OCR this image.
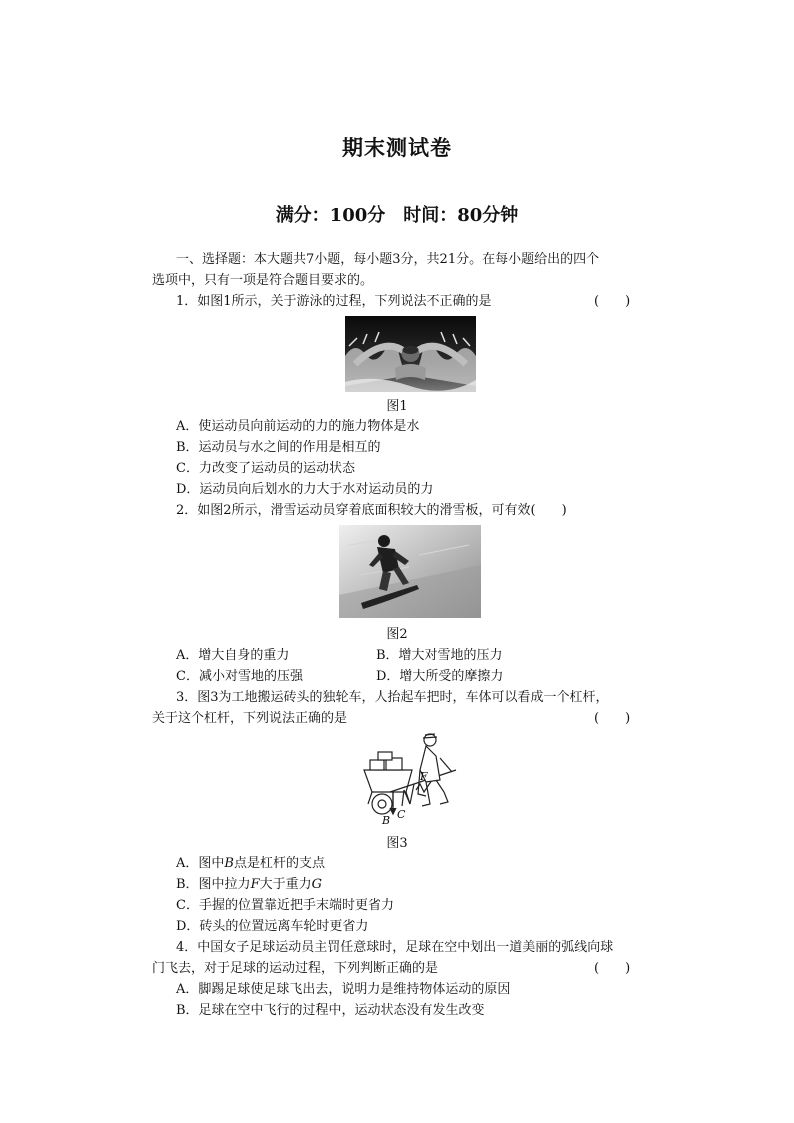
期末测试卷
满分：100分　时间：80分钟
一、选择题：本大题共7小题，每小题3分，共21分。在每小题给出的四个
选项中，只有一项是符合题目要求的。
1．如图1所示，关于游泳的过程，下列说法不正确的是	(　　)
图1
A．使运动员向前运动的力的施力物体是水
B．运动员与水之间的作用是相互的
C．力改变了运动员的运动状态
D．运动员向后划水的力大于水对运动员的力
2．如图2所示，滑雪运动员穿着底面积较大的滑雪板，可有效(　　)
图2
A．增大自身的重力	B．增大对雪地的压力
C．减小对雪地的压强	D．增大所受的摩擦力
3．图3为工地搬运砖头的独轮车，人抬起车把时，车体可以看成一个杠杆，
关于这个杠杆，下列说法正确的是	(　　)
B C
F
图3
A．图中B点是杠杆的支点
B．图中拉力F大于重力G
C．手握的位置靠近把手末端时更省力
D．砖头的位置远离车轮时更省力
4．中国女子足球运动员主罚任意球时，足球在空中划出一道美丽的弧线向球
门飞去，对于足球的运动过程，下列判断正确的是	(　　)
A．脚踢足球使足球飞出去，说明力是维持物体运动的原因
B．足球在空中飞行的过程中，运动状态没有发生改变
